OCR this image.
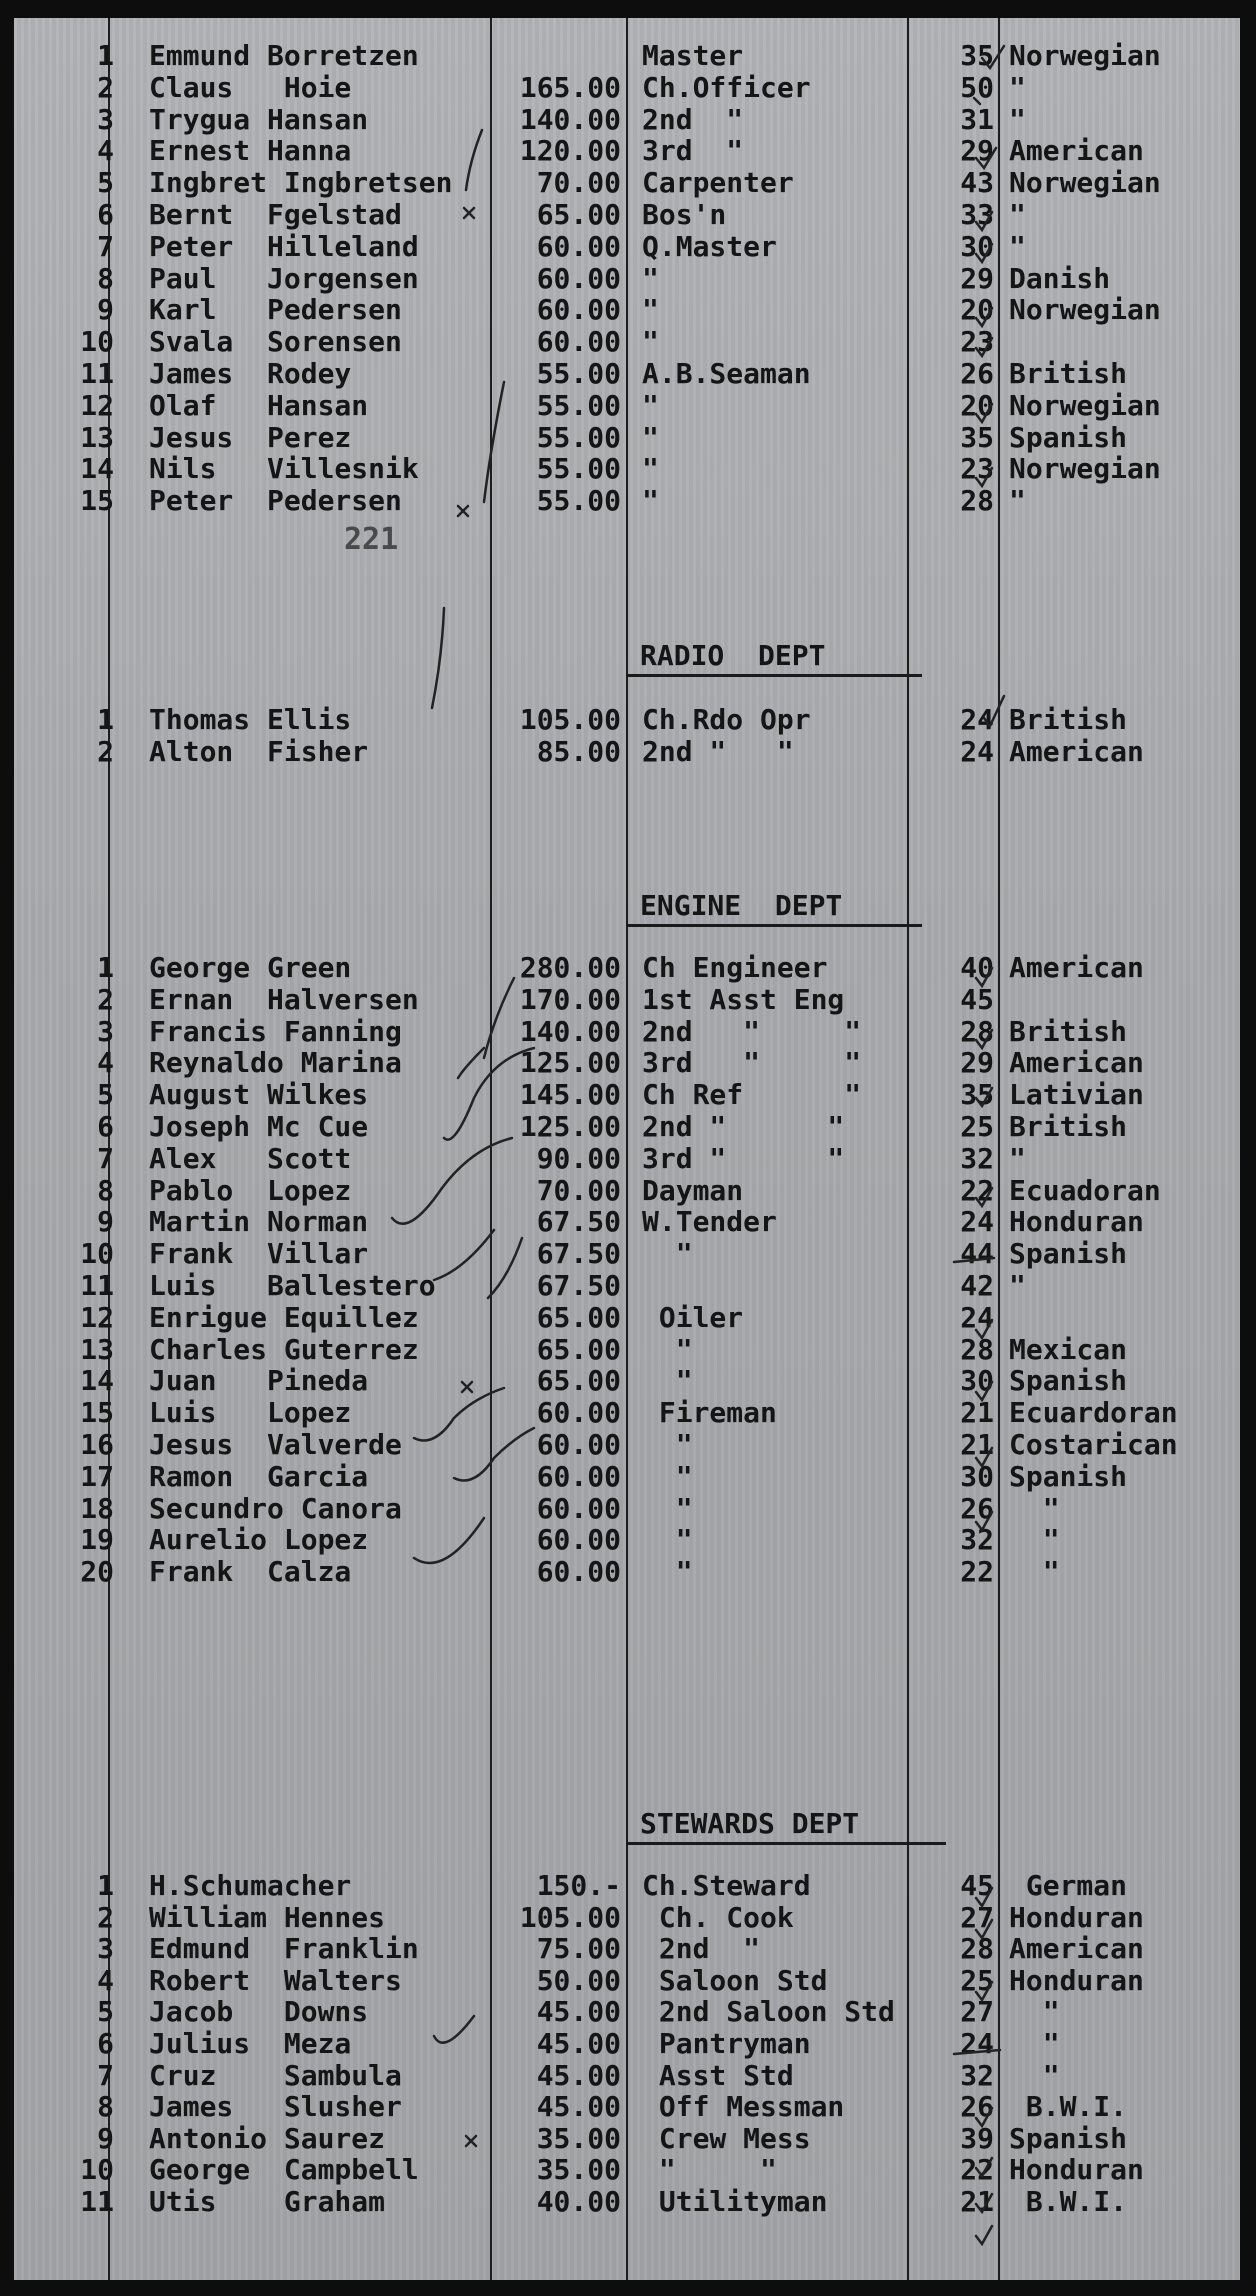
1 Emmund Borretzen	Master	35 Norwegian
2 Claus   Hoie	165.00 Ch.Officer	50 "
3 Trygua Hansan	140.00 2nd  "	31 "
4 Ernest Hanna	120.00 3rd  "	29 American
5 Ingbret Ingbretsen	70.00 Carpenter	43 Norwegian
6 Bernt  Fgelstad	65.00 Bos'n	33 "
7 Peter  Hilleland	60.00 Q.Master	30 "
8 Paul   Jorgensen	60.00 "	29 Danish
9 Karl   Pedersen	60.00 "	20 Norwegian
10 Svala  Sorensen	60.00 "	23
11 James  Rodey	55.00 A.B.Seaman	26 British
12 Olaf   Hansan	55.00 "	20 Norwegian
13 Jesus  Perez	55.00 "	35 Spanish
14 Nils   Villesnik	55.00 "	23 Norwegian
15 Peter  Pedersen	55.00 "	28 "
221
RADIO  DEPT
1 Thomas Ellis	105.00 Ch.Rdo Opr	24 British
2 Alton  Fisher	85.00 2nd "   "	24 American
ENGINE  DEPT
1 George Green	280.00 Ch Engineer	40 American
2 Ernan  Halversen	170.00 1st Asst Eng	45
3 Francis Fanning	140.00 2nd   "     "	28 British
4 Reynaldo Marina	125.00 3rd   "     "	29 American
5 August Wilkes	145.00 Ch Ref      "	35 Lativian
6 Joseph Mc Cue	125.00 2nd "      "	25 British
7 Alex   Scott	90.00 3rd "      "	32 "
8 Pablo  Lopez	70.00 Dayman	22 Ecuadoran
9 Martin Norman	67.50 W.Tender	24 Honduran
10 Frank  Villar	67.50 "	44 Spanish
11 Luis   Ballestero	67.50	42 "
12 Enrigue Equillez	65.00 Oiler	24
13 Charles Guterrez	65.00 "	28 Mexican
14 Juan   Pineda	65.00 "	30 Spanish
15 Luis   Lopez	60.00 Fireman	21 Ecuardoran
16 Jesus  Valverde	60.00 "	21 Costarican
17 Ramon  Garcia	60.00 "	30 Spanish
18 Secundro Canora	60.00 "	26 "
19 Aurelio Lopez	60.00 "	32 "
20 Frank  Calza	60.00 "	22 "
STEWARDS DEPT
1 H.Schumacher	150.- Ch.Steward	45 German
2 William Hennes	105.00 Ch. Cook	27 Honduran
3 Edmund  Franklin	75.00 2nd  "	28 American
4 Robert  Walters	50.00 Saloon Std	25 Honduran
5 Jacob   Downs	45.00 2nd Saloon Std	27 "
6 Julius  Meza	45.00 Pantryman	24 "
7 Cruz    Sambula	45.00 Asst Std	32 "
8 James   Slusher	45.00 Off Messman	26 B.W.I.
9 Antonio Saurez	35.00 Crew Mess	39 Spanish
10 George  Campbell	35.00 "     "	22 Honduran
11 Utis    Graham	40.00 Utilityman	21 B.W.I.
